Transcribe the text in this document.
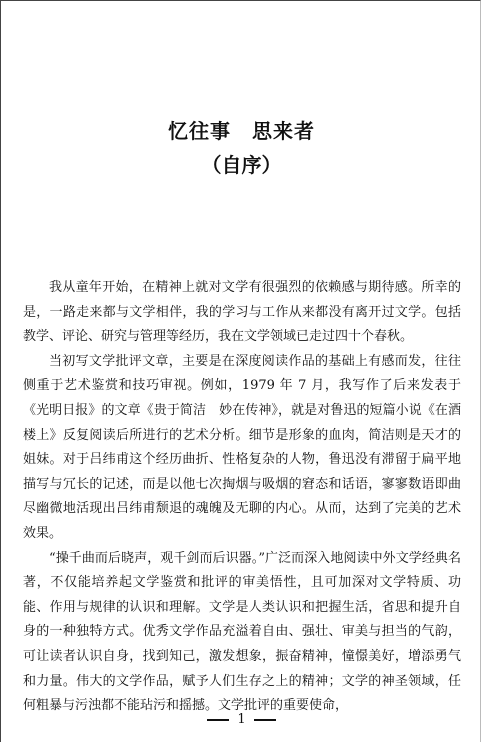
忆往事　思来者
（自序）

我从童年开始，在精神上就对文学有很强烈的依赖感与期待感。所幸的是，一路走来都与文学相伴，我的学习与工作从来都没有离开过文学。包括教学、评论、研究与管理等经历，我在文学领域已走过四十个春秋。

当初写文学批评文章，主要是在深度阅读作品的基础上有感而发，往往侧重于艺术鉴赏和技巧审视。例如，1979 年 7 月，我写作了后来发表于《光明日报》的文章《贵于简洁　妙在传神》，就是对鲁迅的短篇小说《在酒楼上》反复阅读后所进行的艺术分析。细节是形象的血肉，简洁则是天才的姐妹。对于吕纬甫这个经历曲折、性格复杂的人物，鲁迅没有滞留于扁平地描写与冗长的记述，而是以他七次掏烟与吸烟的窘态和话语，寥寥数语即曲尽幽微地活现出吕纬甫颓退的魂魄及无聊的内心。从而，达到了完美的艺术效果。

“操千曲而后晓声，观千剑而后识器。”广泛而深入地阅读中外文学经典名著，不仅能培养起文学鉴赏和批评的审美悟性，且可加深对文学特质、功能、作用与规律的认识和理解。文学是人类认识和把握生活，省思和提升自身的一种独特方式。优秀文学作品充溢着自由、强壮、审美与担当的气韵，可让读者认识自身，找到知己，激发想象，振奋精神，憧憬美好，增添勇气和力量。伟大的文学作品，赋予人们生存之上的精神；文学的神圣领域，任何粗暴与污浊都不能玷污和摇撼。文学批评的重要使命，

1
